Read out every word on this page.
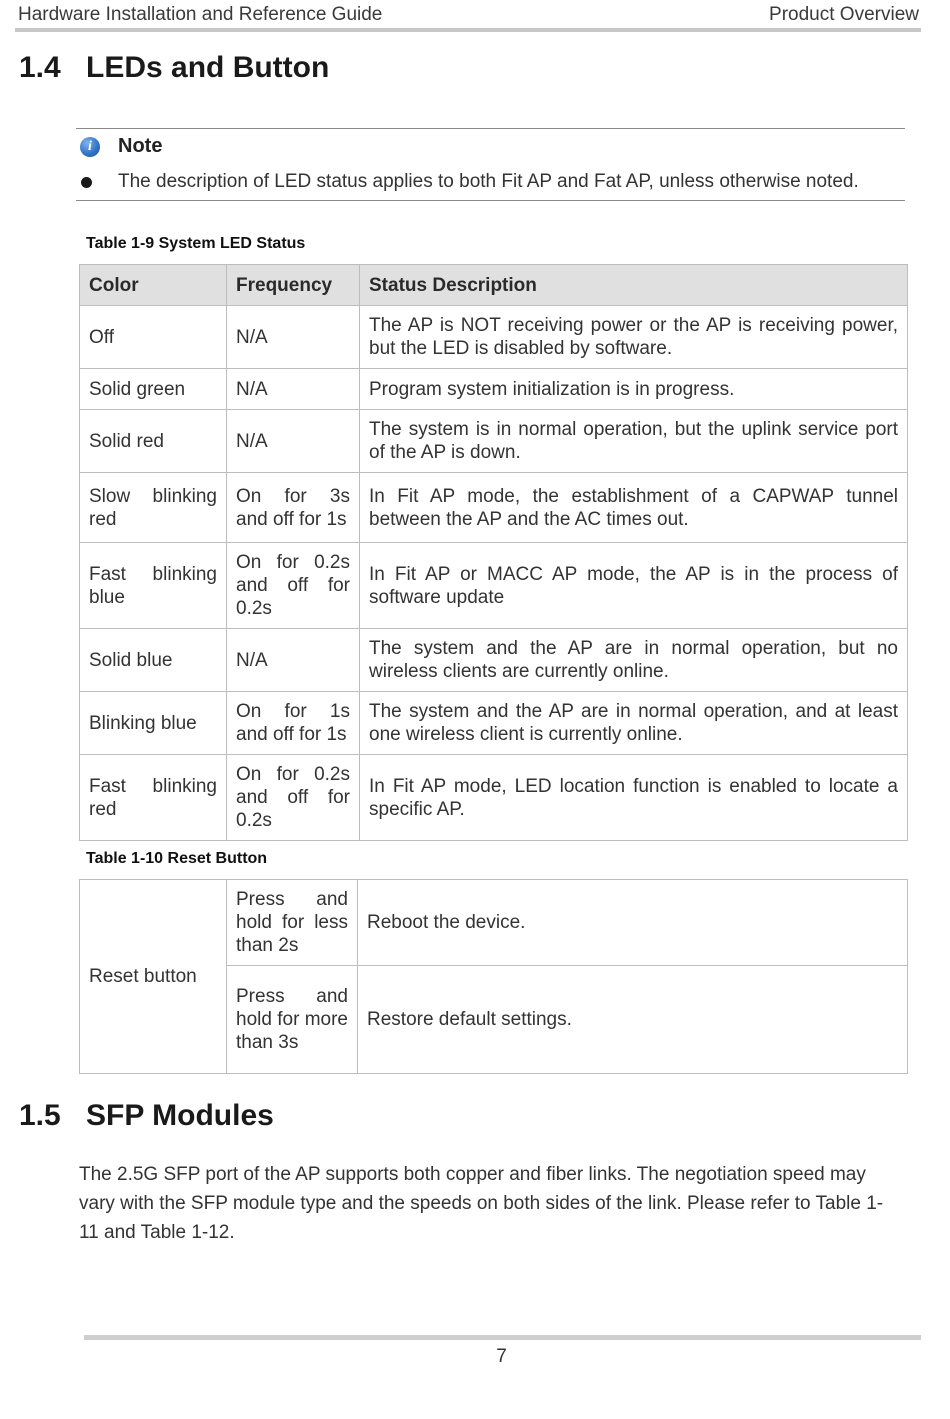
Hardware Installation and Reference Guide	Product Overview
1.4 LEDs and Button
i	Note
The description of LED status applies to both Fit AP and Fat AP, unless otherwise noted.
Table 1-9 System LED Status
Color	Frequency	Status Description
Off	N/A	The AP is NOT receiving power or the AP is receiving power, but the LED is disabled by software.
Solid green	N/A	Program system initialization is in progress.
Solid red	N/A	The system is in normal operation, but the uplink service port of the AP is down.
Slow blinking red	On for 3s and off for 1s	In Fit AP mode, the establishment of a CAPWAP tunnel between the AP and the AC times out.
Fast blinking blue	On for 0.2s and off for 0.2s	In Fit AP or MACC AP mode, the AP is in the process of software update
Solid blue	N/A	The system and the AP are in normal operation, but no wireless clients are currently online.
Blinking blue	On for 1s and off for 1s	The system and the AP are in normal operation, and at least one wireless client is currently online.
Fast blinking red	On for 0.2s and off for 0.2s	In Fit AP mode, LED location function is enabled to locate a specific AP.
Table 1-10 Reset Button
Reset button	Press and hold for less than 2s	Reboot the device.
	Press and hold for more than 3s	Restore default settings.
1.5 SFP Modules
The 2.5G SFP port of the AP supports both copper and fiber links. The negotiation speed may vary with the SFP module type and the speeds on both sides of the link. Please refer to Table 1-11 and Table 1-12.
7
